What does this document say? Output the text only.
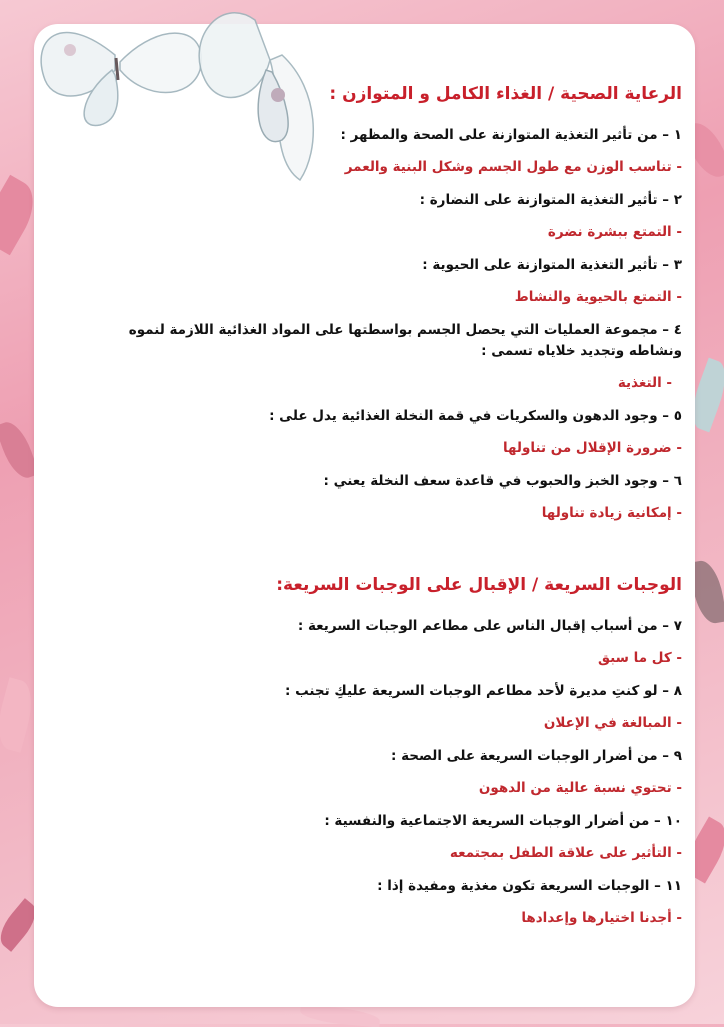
الرعاية الصحية / الغذاء الكامل و المتوازن :
١ – من تأثير التغذية المتوازنة على الصحة والمظهر :
- تناسب الوزن مع طول الجسم وشكل البنية والعمر
٢ – تأثير التغذية المتوازنة على النضارة :
- التمتع ببشرة نضرة
٣ – تأثير التغذية المتوازنة على الحيوية :
- التمتع بالحيوية والنشاط
٤ – مجموعة العمليات التي يحصل الجسم بواسطتها على المواد الغذائية اللازمة لنموه ونشاطه وتجديد خلاياه تسمى :
- التغذية
٥ – وجود الدهون والسكريات في قمة النخلة الغذائية يدل على :
- ضرورة الإقلال من تناولها
٦ – وجود الخبز والحبوب في قاعدة سعف النخلة يعني :
- إمكانية زيادة تناولها
الوجبات السريعة / الإقبال على الوجبات السريعة:
٧ – من أسباب إقبال الناس على مطاعم الوجبات السريعة :
- كل ما سبق
٨ – لو كنتِ مديرة لأحد مطاعم الوجبات السريعة عليكِ تجنب :
- المبالغة في الإعلان
٩ – من أضرار الوجبات السريعة على الصحة :
- تحتوي نسبة عالية من الدهون
١٠ – من أضرار الوجبات السريعة الاجتماعية والنفسية :
- التأثير على علاقة الطفل بمجتمعه
١١ – الوجبات السريعة تكون مغذية ومفيدة إذا :
- أجدنا اختيارها وإعدادها
